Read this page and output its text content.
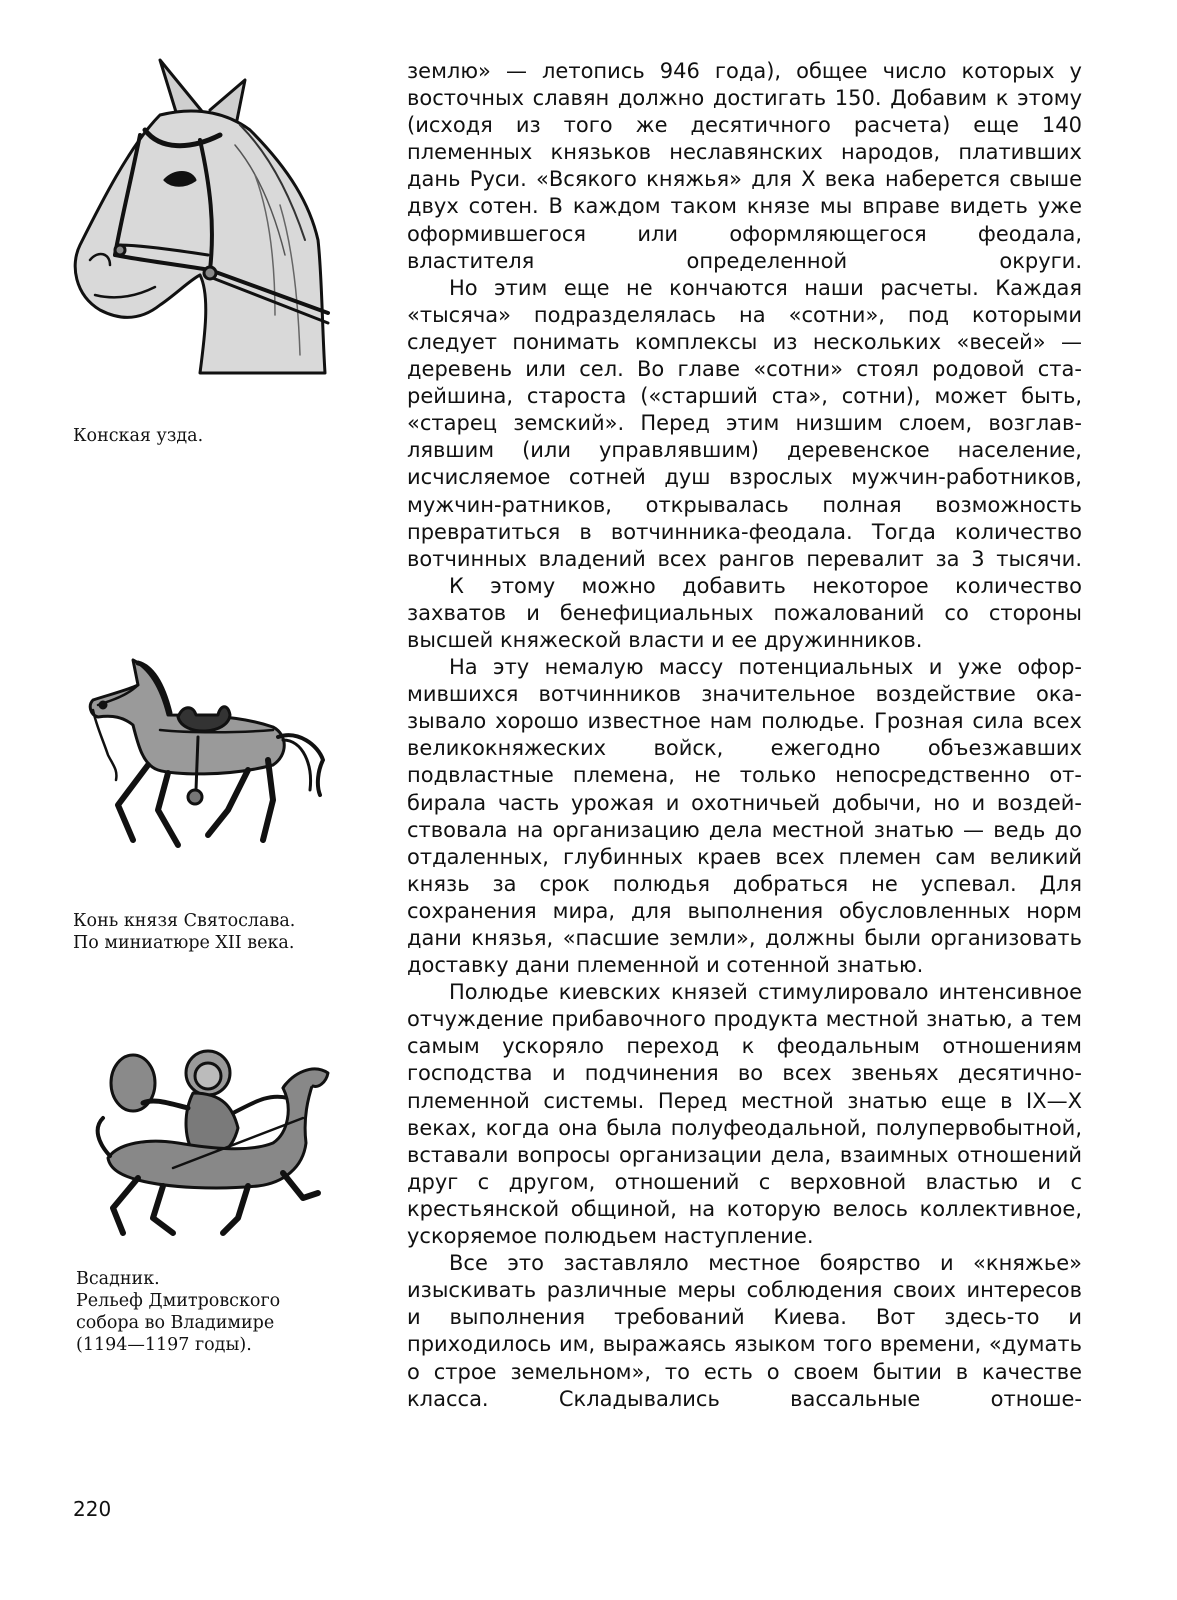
Конская узда.
Конь князя Святослава.
По миниатюре XII века.
Всадник.
Рельеф Дмитровского
собора во Владимире
(1194—1197 годы).

землю» — летопись 946 года), общее число которых у восточных славян должно достигать 150. Добавим к этому (исходя из того же десятичного расчета) еще 140 племенных князьков неславянских народов, плативших дань Руси. «Всякого княжья» для X века наберется свыше двух сотен. В каждом таком князе мы вправе видеть уже оформившегося или оформляющегося феодала, властителя определенной округи.

Но этим еще не кончаются наши расчеты. Каждая «тысяча» подразделялась на «сотни», под которыми следует понимать комплексы из нескольких «весей» — деревень или сел. Во главе «сотни» стоял родовой старейшина, староста («старший ста», сотни), может быть, «старец земский». Перед этим низшим слоем, возглавлявшим (или управлявшим) деревенское население, исчисляемое сотней душ взрослых мужчин-работников, мужчин-ратников, открывалась полная возможность превратиться в вотчинника-феодала. Тогда количество вотчинных владений всех рангов перевалит за 3 тысячи.

К этому можно добавить некоторое количество захватов и бенефициальных пожалований со стороны высшей княжеской власти и ее дружинников.

На эту немалую массу потенциальных и уже оформившихся вотчинников значительное воздействие оказывало хорошо известное нам полюдье. Грозная сила всех великокняжеских войск, ежегодно объезжавших подвластные племена, не только непосредственно отбирала часть урожая и охотничьей добычи, но и воздействовала на организацию дела местной знатью — ведь до отдаленных, глубинных краев всех племен сам великий князь за срок полюдья добраться не успевал. Для сохранения мира, для выполнения обусловленных норм дани князья, «пасшие земли», должны были организовать доставку дани племенной и сотенной знатью.

Полюдье киевских князей стимулировало интенсивное отчуждение прибавочного продукта местной знатью, а тем самым ускоряло переход к феодальным отношениям господства и подчинения во всех звеньях десятично-племенной системы. Перед местной знатью еще в IX—X веках, когда она была полуфеодальной, полупервобытной, вставали вопросы организации дела, взаимных отношений друг с другом, отношений с верховной властью и с крестьянской общиной, на которую велось коллективное, ускоряемое полюдьем наступление.

Все это заставляло местное боярство и «княжье» изыскивать различные меры соблюдения своих интересов и выполнения требований Киева. Вот здесь-то и приходилось им, выражаясь языком того времени, «думать о строе земельном», то есть о своем бытии в качестве класса. Складывались вассальные отноше-

220
